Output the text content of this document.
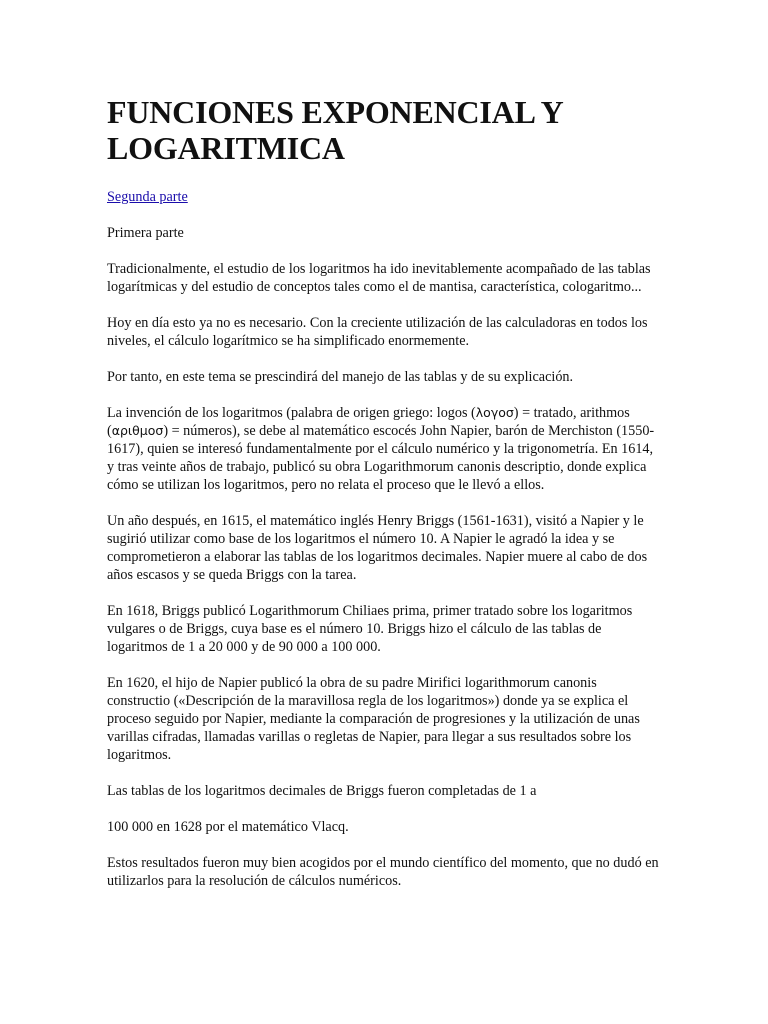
FUNCIONES EXPONENCIAL Y LOGARITMICA

Segunda parte

Primera parte

Tradicionalmente, el estudio de los logaritmos ha ido inevitablemente acompañado de las tablas logarítmicas y del estudio de conceptos tales como el de mantisa, característica, cologaritmo...

Hoy en día esto ya no es necesario. Con la creciente utilización de las calculadoras en todos los niveles, el cálculo logarítmico se ha simplificado enormemente.

Por tanto, en este tema se prescindirá del manejo de las tablas y de su explicación.

La invención de los logaritmos (palabra de origen griego: logos (λογοσ) = tratado, arithmos (αριθμοσ) = números), se debe al matemático escocés John Napier, barón de Merchiston (1550-1617), quien se interesó fundamentalmente por el cálculo numérico y la trigonometría. En 1614, y tras veinte años de trabajo, publicó su obra Logarithmorum canonis descriptio, donde explica cómo se utilizan los logaritmos, pero no relata el proceso que le llevó a ellos.

Un año después, en 1615, el matemático inglés Henry Briggs (1561-1631), visitó a Napier y le sugirió utilizar como base de los logaritmos el número 10. A Napier le agradó la idea y se comprometieron a elaborar las tablas de los logaritmos decimales. Napier muere al cabo de dos años escasos y se queda Briggs con la tarea.

En 1618, Briggs publicó Logarithmorum Chiliaes prima, primer tratado sobre los logaritmos vulgares o de Briggs, cuya base es el número 10. Briggs hizo el cálculo de las tablas de logaritmos de 1 a 20 000 y de 90 000 a 100 000.

En 1620, el hijo de Napier publicó la obra de su padre Mirifici logarithmorum canonis constructio («Descripción de la maravillosa regla de los logaritmos») donde ya se explica el proceso seguido por Napier, mediante la comparación de progresiones y la utilización de unas varillas cifradas, llamadas varillas o regletas de Napier, para llegar a sus resultados sobre los logaritmos.

Las tablas de los logaritmos decimales de Briggs fueron completadas de 1 a

100 000 en 1628 por el matemático Vlacq.

Estos resultados fueron muy bien acogidos por el mundo científico del momento, que no dudó en utilizarlos para la resolución de cálculos numéricos.
